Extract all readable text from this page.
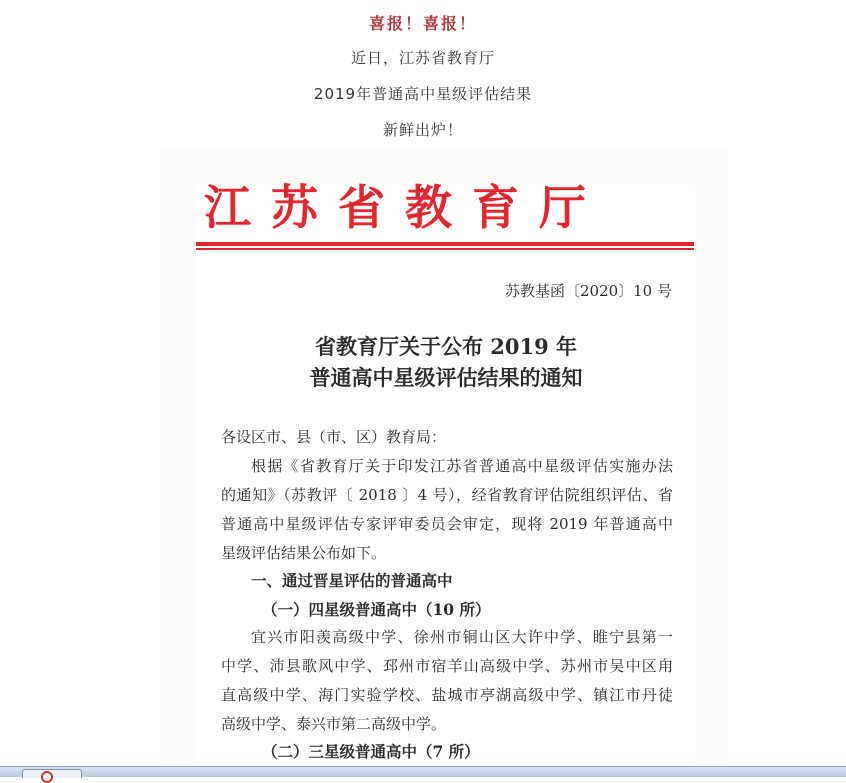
喜报！喜报！
近日，江苏省教育厅
2019年普通高中星级评估结果
新鲜出炉！
江苏省教育厅
苏教基函〔2020〕10 号
省教育厅关于公布 2019 年
普通高中星级评估结果的通知
各设区市、县（市、区）教育局：
根据《省教育厅关于印发江苏省普通高中星级评估实施办法
的通知》（苏教评〔 2018 〕4 号），经省教育评估院组织评估、省
普通高中星级评估专家评审委员会审定，现将 2019 年普通高中
星级评估结果公布如下。
一、通过晋星评估的普通高中
（一）四星级普通高中（10 所）
宜兴市阳羡高级中学、徐州市铜山区大许中学、睢宁县第一
中学、沛县歌风中学、邳州市宿羊山高级中学、苏州市吴中区甪
直高级中学、海门实验学校、盐城市亭湖高级中学、镇江市丹徒
高级中学、泰兴市第二高级中学。
（二）三星级普通高中（7 所）
